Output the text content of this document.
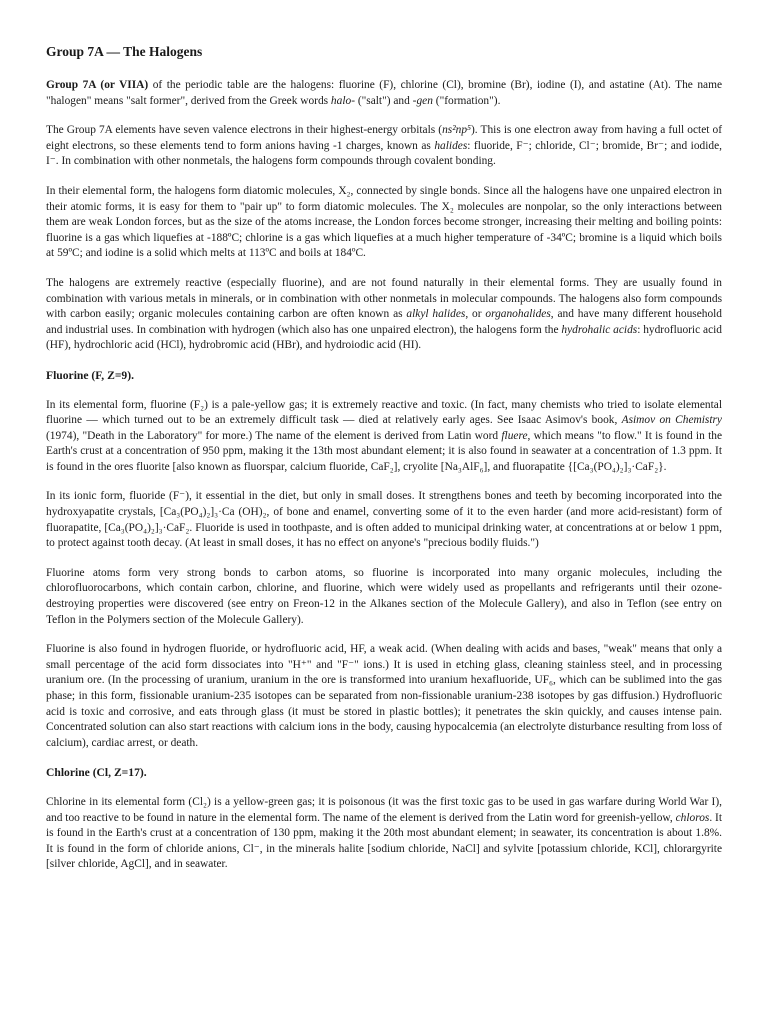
Group 7A — The Halogens

Group 7A (or VIIA) of the periodic table are the halogens: fluorine (F), chlorine (Cl), bromine (Br), iodine (I), and astatine (At). The name "halogen" means "salt former", derived from the Greek words halo- ("salt") and -gen ("formation").

The Group 7A elements have seven valence electrons in their highest-energy orbitals (ns²np⁵). This is one electron away from having a full octet of eight electrons, so these elements tend to form anions having -1 charges, known as halides: fluoride, F⁻; chloride, Cl⁻; bromide, Br⁻; and iodide, I⁻. In combination with other nonmetals, the halogens form compounds through covalent bonding.

In their elemental form, the halogens form diatomic molecules, X₂, connected by single bonds. Since all the halogens have one unpaired electron in their atomic forms, it is easy for them to "pair up" to form diatomic molecules. The X₂ molecules are nonpolar, so the only interactions between them are weak London forces, but as the size of the atoms increase, the London forces become stronger, increasing their melting and boiling points: fluorine is a gas which liquefies at -188ºC; chlorine is a gas which liquefies at a much higher temperature of -34ºC; bromine is a liquid which boils at 59ºC; and iodine is a solid which melts at 113ºC and boils at 184ºC.

The halogens are extremely reactive (especially fluorine), and are not found naturally in their elemental forms. They are usually found in combination with various metals in minerals, or in combination with other nonmetals in molecular compounds. The halogens also form compounds with carbon easily; organic molecules containing carbon are often known as alkyl halides, or organohalides, and have many different household and industrial uses. In combination with hydrogen (which also has one unpaired electron), the halogens form the hydrohalic acids: hydrofluoric acid (HF), hydrochloric acid (HCl), hydrobromic acid (HBr), and hydroiodic acid (HI).

Fluorine (F, Z=9).

In its elemental form, fluorine (F₂) is a pale-yellow gas; it is extremely reactive and toxic. (In fact, many chemists who tried to isolate elemental fluorine — which turned out to be an extremely difficult task — died at relatively early ages. See Isaac Asimov's book, Asimov on Chemistry (1974), "Death in the Laboratory" for more.) The name of the element is derived from Latin word fluere, which means "to flow." It is found in the Earth's crust at a concentration of 950 ppm, making it the 13th most abundant element; it is also found in seawater at a concentration of 1.3 ppm. It is found in the ores fluorite [also known as fluorspar, calcium fluoride, CaF₂], cryolite [Na₃AlF₆], and fluorapatite {[Ca₃(PO₄)₂]₃·CaF₂}.

In its ionic form, fluoride (F⁻), it essential in the diet, but only in small doses. It strengthens bones and teeth by becoming incorporated into the hydroxyapatite crystals, [Ca₃(PO₄)₂]₃·Ca (OH)₂, of bone and enamel, converting some of it to the even harder (and more acid-resistant) form of fluorapatite, [Ca₃(PO₄)₂]₃·CaF₂. Fluoride is used in toothpaste, and is often added to municipal drinking water, at concentrations at or below 1 ppm, to protect against tooth decay. (At least in small doses, it has no effect on anyone's "precious bodily fluids.")

Fluorine atoms form very strong bonds to carbon atoms, so fluorine is incorporated into many organic molecules, including the chlorofluorocarbons, which contain carbon, chlorine, and fluorine, which were widely used as propellants and refrigerants until their ozone-destroying properties were discovered (see entry on Freon-12 in the Alkanes section of the Molecule Gallery), and also in Teflon (see entry on Teflon in the Polymers section of the Molecule Gallery).

Fluorine is also found in hydrogen fluoride, or hydrofluoric acid, HF, a weak acid. (When dealing with acids and bases, "weak" means that only a small percentage of the acid form dissociates into "H⁺" and "F⁻" ions.) It is used in etching glass, cleaning stainless steel, and in processing uranium ore. (In the processing of uranium, uranium in the ore is transformed into uranium hexafluoride, UF₆, which can be sublimed into the gas phase; in this form, fissionable uranium-235 isotopes can be separated from non-fissionable uranium-238 isotopes by gas diffusion.) Hydrofluoric acid is toxic and corrosive, and eats through glass (it must be stored in plastic bottles); it penetrates the skin quickly, and causes intense pain. Concentrated solution can also start reactions with calcium ions in the body, causing hypocalcemia (an electrolyte disturbance resulting from loss of calcium), cardiac arrest, or death.

Chlorine (Cl, Z=17).

Chlorine in its elemental form (Cl₂) is a yellow-green gas; it is poisonous (it was the first toxic gas to be used in gas warfare during World War I), and too reactive to be found in nature in the elemental form. The name of the element is derived from the Latin word for greenish-yellow, chloros. It is found in the Earth's crust at a concentration of 130 ppm, making it the 20th most abundant element; in seawater, its concentration is about 1.8%. It is found in the form of chloride anions, Cl⁻, in the minerals halite [sodium chloride, NaCl] and sylvite [potassium chloride, KCl], chlorargyrite [silver chloride, AgCl], and in seawater.
